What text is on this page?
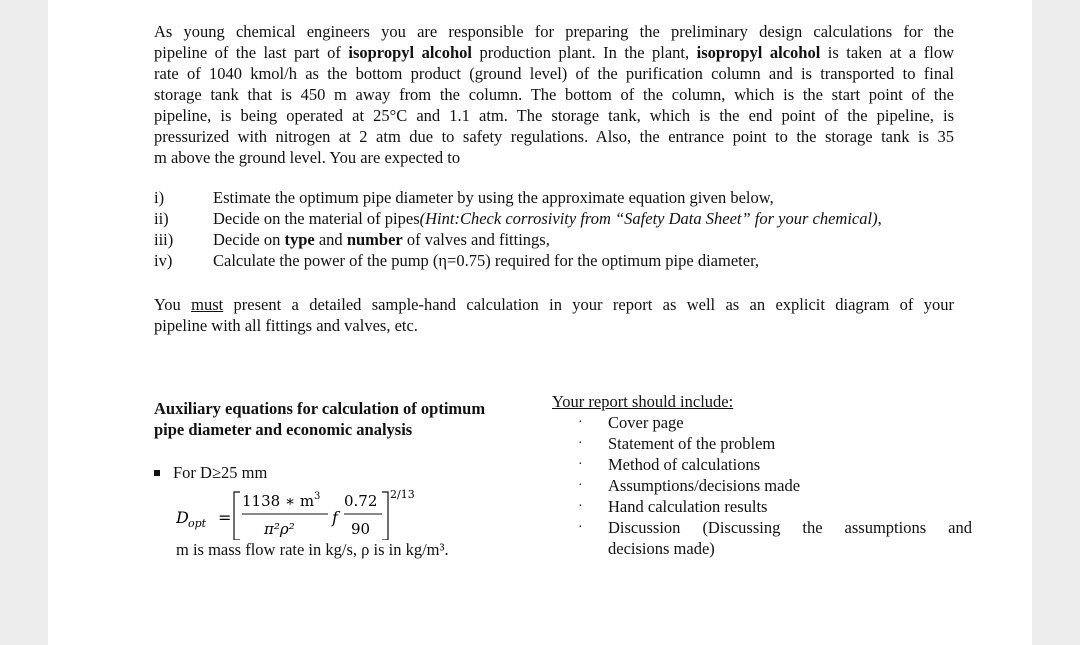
As young chemical engineers you are responsible for preparing the preliminary design calculations for the
pipeline of the last part of isopropyl alcohol production plant. In the plant, isopropyl alcohol is taken at a flow
rate of 1040 kmol/h as the bottom product (ground level) of the purification column and is transported to final
storage tank that is 450 m away from the column. The bottom of the column, which is the start point of the
pipeline, is being operated at 25°C and 1.1 atm. The storage tank, which is the end point of the pipeline, is
pressurized with nitrogen at 2 atm due to safety regulations. Also, the entrance point to the storage tank is 35
m above the ground level. You are expected to
i)	Estimate the optimum pipe diameter by using the approximate equation given below,
ii)	Decide on the material of pipes (Hint:Check corrosivity from “Safety Data Sheet” for your chemical) ,
iii)	Decide on
type
and
number
of valves and fittings,
iv)	Calculate the power of the pump (η=0.75) required for the optimum pipe diameter,
You must present a detailed sample-hand calculation in your report as well as an explicit diagram of your
pipeline with all fittings and valves, etc.
Auxiliary equations for calculation of optimum
pipe diameter and economic analysis
For D≥25 mm
D opt =
1138 ∗ m 3
π²ρ²
f
0.72
90
2/13
m is mass flow rate in kg/s, ρ is in kg/m³.
Your report should include:
· Cover page
· Statement of the problem
· Method of calculations
· Assumptions/decisions made
· Hand calculation results
· Discussion (Discussing the assumptions and
decisions made)
